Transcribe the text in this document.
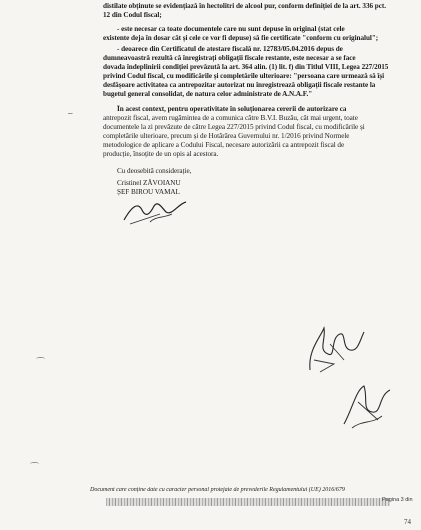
distilate obținute se evidențiază în hectolitri de alcool pur, conform definiției de la art. 336 pct.
12 din Codul fiscal;
- este necesar ca toate documentele care nu sunt depuse în original (stat cele
existente deja în dosar cât și cele ce vor fi depuse) să fie certificate "conform cu originalul";
- deoarece din Certificatul de atestare fiscală nr. 12783/05.04.2016 depus de
dumneavoastră rezultă că înregistrați obligații fiscale restante, este necesar a se face
dovada îndeplinirii condiției prevăzută la art. 364 alin. (1) lit. f) din Titlul VIII, Legea 227/2015
privind Codul fiscal, cu modificările și completările ulterioare: "persoana care urmează să își
desfășoare activitatea ca antrepozitar autorizat nu înregistrează obligații fiscale restante la
bugetul general consolidat, de natura celor administrate de A.N.A.F."
În acest context, pentru operativitate în soluționarea cererii de autorizare ca
antrepozit fiscal, avem rugămintea de a comunica către B.V.I. Buzău, cât mai urgent, toate
documentele la zi prevăzute de către Legea 227/2015 privind Codul fiscal, cu modificările și
completările ulterioare, precum și de Hotărârea Guvernului nr. 1/2016 privind Normele
metodologice de aplicare a Codului Fiscal, necesare autorizării ca antrepozit fiscal de
producție, însoțite de un opis al acestora.
Cu deosebită considerație,
Cristinel ZĂVOIANU
ȘEF BIROU VAMAL
–
⌒
⌒
Document care conține date cu caracter personal protejate de prevederile Regulamentului (UE) 2016/679
Pagina 3 din
74
